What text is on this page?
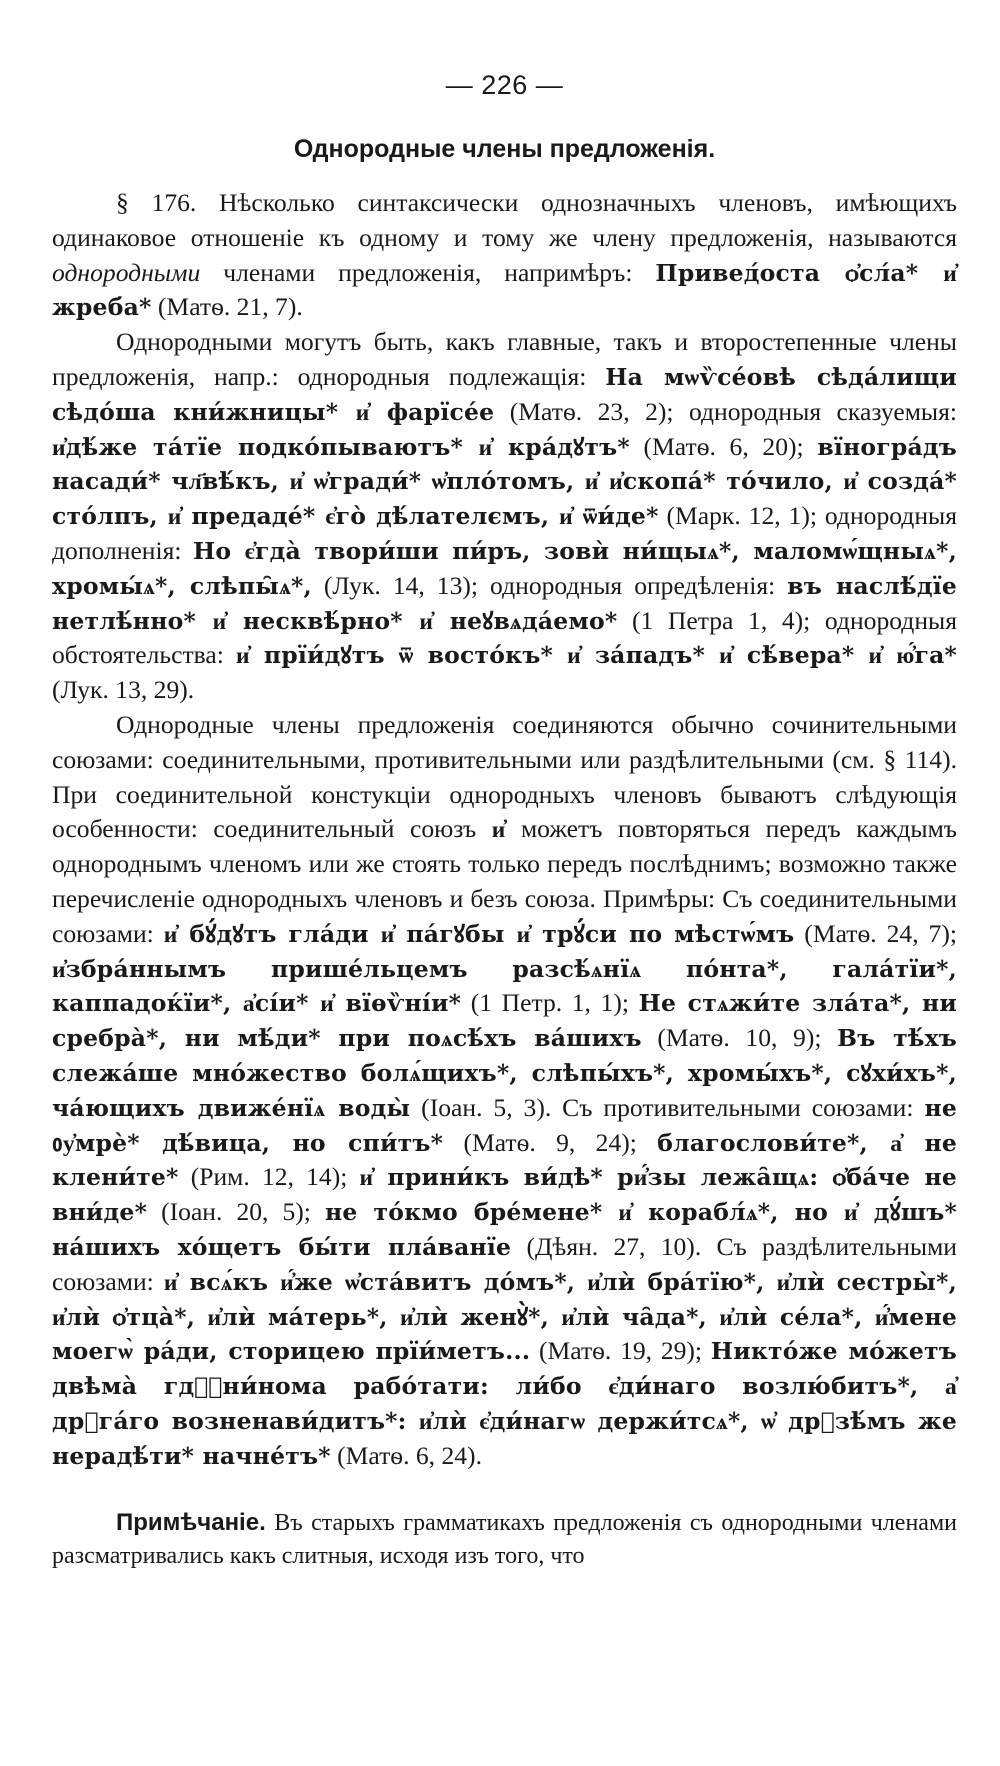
— 226 —
Однородные члены предложенія.

§ 176. Нѣсколько синтаксически однозначныхъ членовъ, имѣющихъ одинаковое отношеніе къ одному и тому же члену предложенія, называются однородными членами предложенія, напримѣръ: Привед́оста ѻ҆сл́а* и҆ жреб́а* (Матѳ. 21, 7).

Однородными могутъ быть, какъ главные, такъ и второстепенные члены предложенія, напр.: однородныя подлежащія: На мѡѷсе́овѣ сѣда́лищи сѣдо́ша кни́жницы* и҆ фарїсе́е (Матѳ. 23, 2); однородныя сказуемыя: и҆дѣ́же та́тїе подко́пываютъ* и҆ кра́дꙋтъ* (Матѳ. 6, 20); вїногра́дъ насади́* чл҃вѣ́къ, и҆ ѡ҆гради́* ѡ҆пло́томъ, и҆ и҆скопа́* то́чило, и҆ созда́* сто́лпъ, и҆ предаде́* є҆го̀ дѣ́лателємъ, и҆ ѿи́де* (Марк. 12, 1); однородныя дополненія: Но є҆гда̀ твори́ши пи́ръ, зовѝ ни́щыѧ*, маломѡ́щныѧ*, хромы́ѧ*, слѣпы̑ѧ*, (Лук. 14, 13); однородныя опредѣленія: въ наслѣ́дїе нетлѣ́нно* и҆ несквѣ́рно* и҆ неꙋвѧда́емо* (1 Петра 1, 4); однородныя обстоятельства: и҆ прїи́дꙋтъ ѿ восто́къ* и҆ за́падъ* и҆ сѣ́вера* и҆ ю҆́га* (Лук. 13, 29).

Однородные члены предложенія соединяются обычно сочинительными союзами: соединительными, противительными или раздѣлительными (см. § 114). При соединительной констукціи однородныхъ членовъ бываютъ слѣдующія особенности: соединительный союзъ и҆ можетъ повторяться передъ каждымъ однороднымъ членомъ или же стоять только передъ послѣднимъ; возможно также перечисленіе однородныхъ членовъ и безъ союза. Примѣры: Съ соединительными союзами: и҆ бꙋ́дꙋтъ гла́ди и҆ па́гꙋбы и҆ трꙋ́си по мѣстѡ́мъ (Матѳ. 24, 7); и҆збра́ннымъ прише́льцемъ разсѣ́ѧнїѧ по́нта*, гала́тїи*, каппадоќїи*, а҆сі́и* и҆ вїѳѷні́и* (1 Петр. 1, 1); Не стѧжи́те зла́та*, ни сребра̀*, ни мѣ́ди* при поѧсѣ́хъ ва́шихъ (Матѳ. 10, 9); Въ тѣ́хъ слежа́ше мно́жество болѧ́щихъ*, слѣпы́хъ*, хромы́хъ*, сꙋхи́хъ*, ча́ющихъ движе́нїѧ воды̀ (Іоан. 5, 3). Съ противительными союзами: не ᲂу҆мрѐ* дѣ́вица, но спи́тъ* (Матѳ. 9, 24); благослови́те*, а҆ не клени́те* (Рим. 12, 14); и҆ прини́къ ви́дѣ* ри҆́зы лежа̑щѧ: ѻ҆ба́че не вни́де* (Іоан. 20, 5); не то́кмо бре́мене* и҆ корабл́ѧ*, но и҆ дꙋ́шъ* на́шихъ хо́щетъ бы́ти пла́ванїе (Дѣян. 27, 10). Съ раздѣлительными союзами: и҆ всѧ́къ и҆́же ѡ҆ста́витъ до́мъ*, и҆лѝ бра́тїю*, и҆лѝ сестры̀*, и҆лѝ ѻ҆тца̀*, и҆лѝ ма́терь*, и҆лѝ женꙋ̀*, и҆лѝ ча̑да*, и҆лѝ се́ла*, и҆́мене моегѡ̀ ра́ди, сторицею прїи́метъ... (Матѳ. 19, 29); Никто́же мо́жетъ двѣма̀ гдⷭ҇ни́нома рабо́тати: ли́бо є҆ди́наго возлю́битъ*, а҆ дрꙋга́го возненави́дитъ*: и҆лѝ є҆ди́нагѡ держи́тсѧ*, ѡ҆ дрꙋзѣ́мъ же нерадѣ́ти* начне́тъ* (Матѳ. 6, 24).

Примѣчаніе. Въ старыхъ грамматикахъ предложенія съ однородными членами разсматривались какъ слитныя, исходя изъ того, что
